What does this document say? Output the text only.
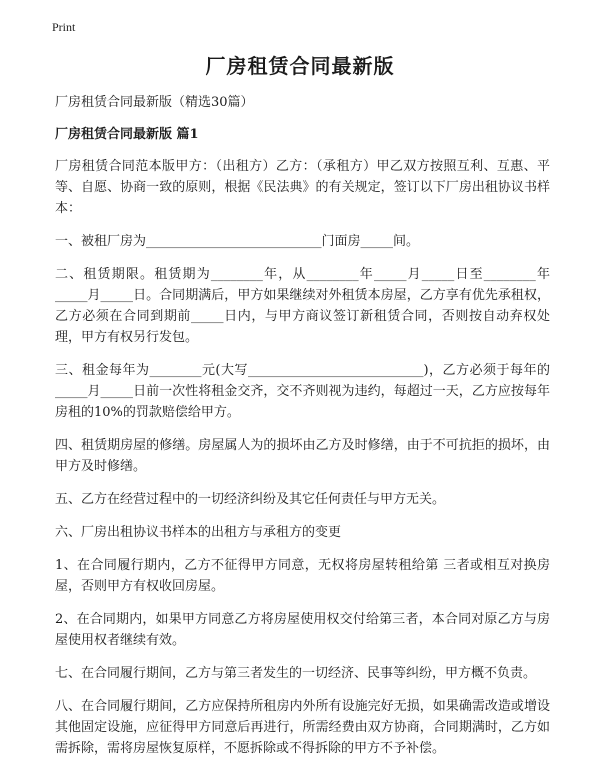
Print
厂房租赁合同最新版

厂房租赁合同最新版（精选30篇）

厂房租赁合同最新版 篇1

厂房租赁合同范本版甲方：（出租方）乙方：（承租方）甲乙双方按照互利、互惠、平等、自愿、协商一致的原则，根据《民法典》的有关规定，签订以下厂房出租协议书样本：

一、被租厂房为___________________________门面房_____间。

二、租赁期限。租赁期为________年，从________年_____月_____日至________年_____月_____日。合同期满后，甲方如果继续对外租赁本房屋，乙方享有优先承租权，乙方必须在合同到期前_____日内，与甲方商议签订新租赁合同，否则按自动弃权处理，甲方有权另行发包。

三、租金每年为________元(大写___________________________)，乙方必须于每年的_____月_____日前一次性将租金交齐，交不齐则视为违约，每超过一天，乙方应按每年房租的10%的罚款赔偿给甲方。

四、租赁期房屋的修缮。房屋属人为的损坏由乙方及时修缮，由于不可抗拒的损坏，由甲方及时修缮。

五、乙方在经营过程中的一切经济纠纷及其它任何责任与甲方无关。

六、厂房出租协议书样本的出租方与承租方的变更

1、在合同履行期内，乙方不征得甲方同意，无权将房屋转租给第 三者或相互对换房屋，否则甲方有权收回房屋。

2、在合同期内，如果甲方同意乙方将房屋使用权交付给第三者，本合同对原乙方与房屋使用权者继续有效。

七、在合同履行期间，乙方与第三者发生的一切经济、民事等纠纷，甲方概不负责。

八、在合同履行期间，乙方应保持所租房内外所有设施完好无损，如果确需改造或增设其他固定设施，应征得甲方同意后再进行，所需经费由双方协商，合同期满时，乙方如需拆除，需将房屋恢复原样，不愿拆除或不得拆除的甲方不予补偿。
